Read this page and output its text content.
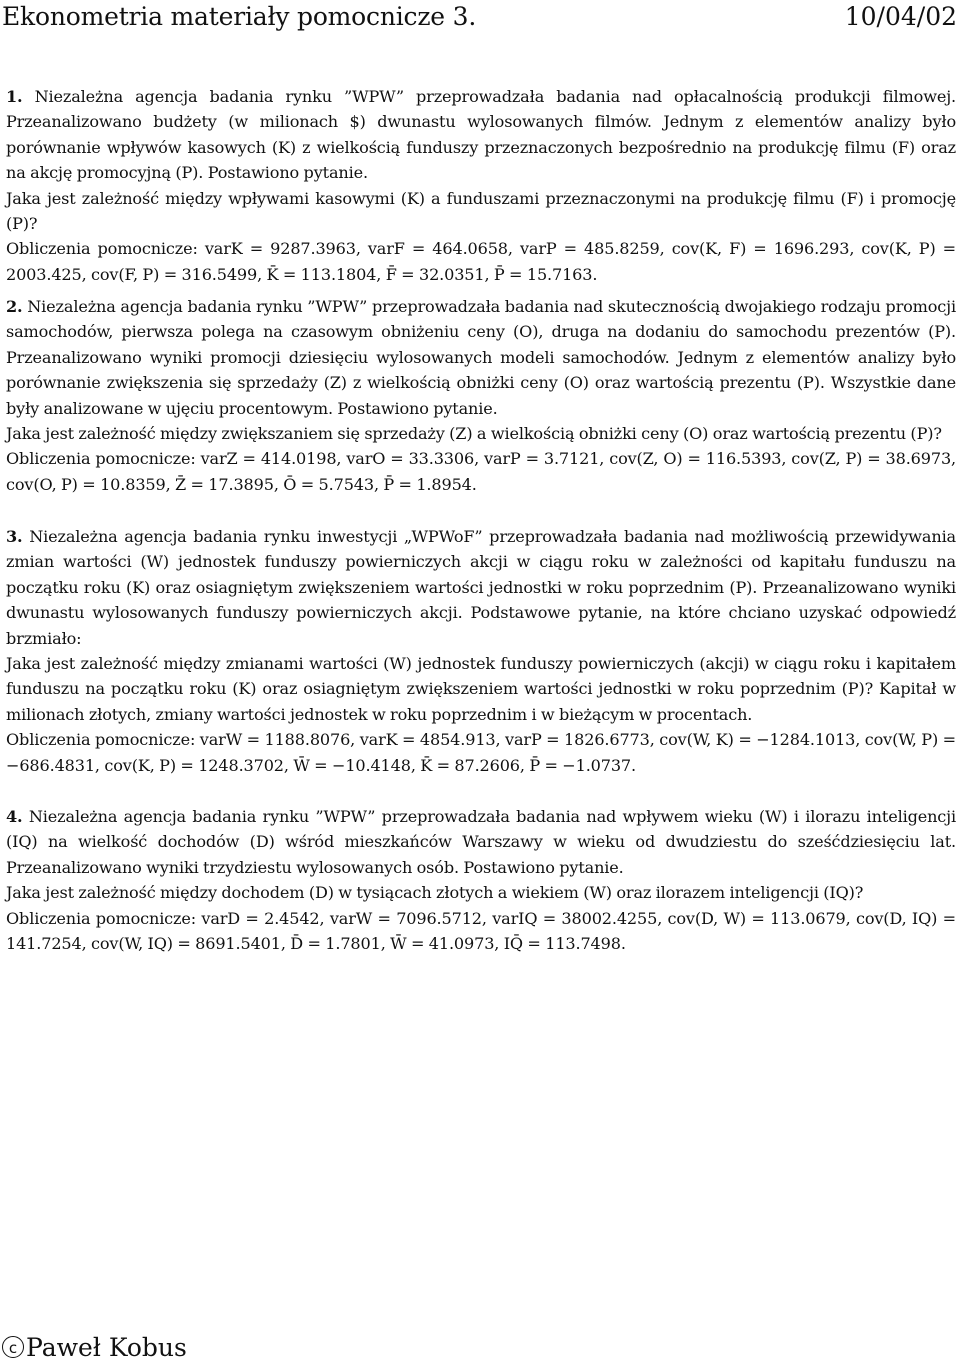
Ekonometria materiały pomocnicze 3.	10/04/02

1. Niezależna agencja badania rynku ”WPW” przeprowadzała badania nad opłacalnością produkcji filmowej. Przeanalizowano budżety (w milionach $) dwunastu wylosowanych filmów. Jednym z elementów analizy było porównanie wpływów kasowych (K) z wielkością funduszy przeznaczonych bezpośrednio na produkcję filmu (F) oraz na akcję promocyjną (P). Postawiono pytanie.

Jaka jest zależność między wpływami kasowymi (K) a funduszami przeznaczonymi na produkcję filmu (F) i promocję (P)?

Obliczenia pomocnicze: varK = 9287.3963, varF = 464.0658, varP = 485.8259, cov(K, F) = 1696.293, cov(K, P) = 2003.425, cov(F, P) = 316.5499, K̄ = 113.1804, F̄ = 32.0351, P̄ = 15.7163.

2. Niezależna agencja badania rynku ”WPW” przeprowadzała badania nad skutecznością dwojakiego rodzaju promocji samochodów, pierwsza polega na czasowym obniżeniu ceny (O), druga na dodaniu do samochodu prezentów (P). Przeanalizowano wyniki promocji dziesięciu wylosowanych modeli samochodów. Jednym z elementów analizy było porównanie zwiększenia się sprzedaży (Z) z wielkością obniżki ceny (O) oraz wartością prezentu (P). Wszystkie dane były analizowane w ujęciu procentowym. Postawiono pytanie.

Jaka jest zależność między zwiększaniem się sprzedaży (Z) a wielkością obniżki ceny (O) oraz wartością prezentu (P)?

Obliczenia pomocnicze: varZ = 414.0198, varO = 33.3306, varP = 3.7121, cov(Z, O) = 116.5393, cov(Z, P) = 38.6973, cov(O, P) = 10.8359, Z̄ = 17.3895, Ō = 5.7543, P̄ = 1.8954.

3. Niezależna agencja badania rynku inwestycji „WPWoF” przeprowadzała badania nad możliwością przewidywania zmian wartości (W) jednostek funduszy powierniczych akcji w ciągu roku w zależności od kapitału funduszu na początku roku (K) oraz osiagniętym zwiększeniem wartości jednostki w roku poprzednim (P). Przeanalizowano wyniki dwunastu wylosowanych funduszy powierniczych akcji. Podstawowe pytanie, na które chciano uzyskać odpowiedź brzmiało:

Jaka jest zależność między zmianami wartości (W) jednostek funduszy powierniczych (akcji) w ciągu roku i kapitałem funduszu na początku roku (K) oraz osiagniętym zwiększeniem wartości jednostki w roku poprzednim (P)? Kapitał w milionach złotych, zmiany wartości jednostek w roku poprzednim i w bieżącym w procentach.

Obliczenia pomocnicze: varW = 1188.8076, varK = 4854.913, varP = 1826.6773, cov(W, K) = −1284.1013, cov(W, P) = −686.4831, cov(K, P) = 1248.3702, W̄ = −10.4148, K̄ = 87.2606, P̄ = −1.0737.

4. Niezależna agencja badania rynku ”WPW” przeprowadzała badania nad wpływem wieku (W) i ilorazu inteligencji (IQ) na wielkość dochodów (D) wśród mieszkańców Warszawy w wieku od dwudziestu do sześćdziesięciu lat. Przeanalizowano wyniki trzydziestu wylosowanych osób. Postawiono pytanie.

Jaka jest zależność między dochodem (D) w tysiącach złotych a wiekiem (W) oraz ilorazem inteligencji (IQ)?

Obliczenia pomocnicze: varD = 2.4542, varW = 7096.5712, varIQ = 38002.4255, cov(D, W) = 113.0679, cov(D, IQ) = 141.7254, cov(W, IQ) = 8691.5401, D̄ = 1.7801, W̄ = 41.0973, IQ̄ = 113.7498.

c Paweł Kobus
